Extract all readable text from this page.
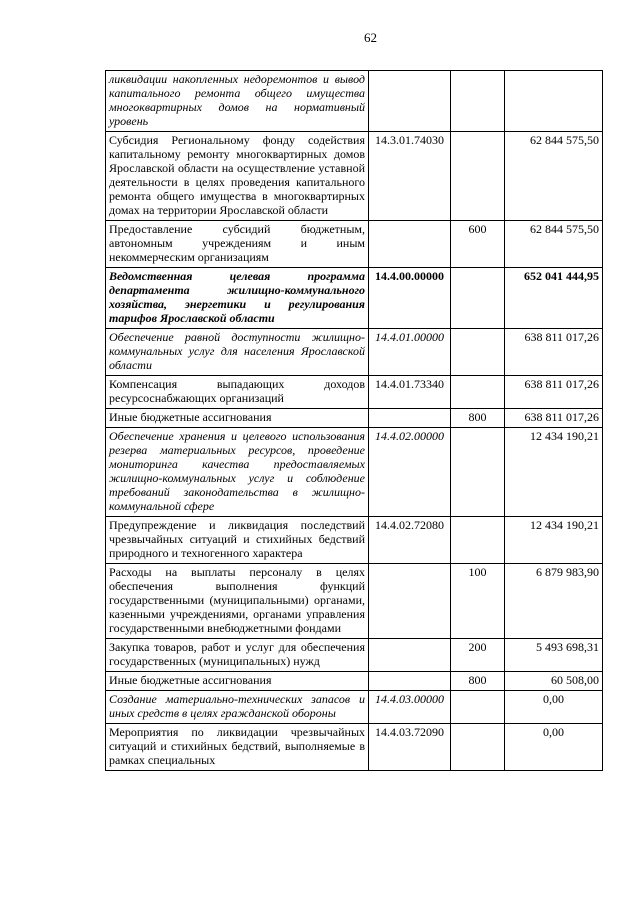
62
ликвидации накопленных недоремонтов и вывод капитального ремонта общего имущества многоквартирных домов на нормативный уровень			
Субсидия Региональному фонду содействия капитальному ремонту многоквартирных домов Ярославской области на осуществление уставной деятельности в целях проведения капитального ремонта общего имущества в многоквартирных домах на территории Ярославской области	14.3.01.74030		62 844 575,50
Предоставление субсидий бюджетным, автономным учреждениям и иным некоммерческим организациям		600	62 844 575,50
Ведомственная целевая программа департамента жилищно-коммунального хозяйства, энергетики и регулирования тарифов Ярославской области	14.4.00.00000		652 041 444,95
Обеспечение равной доступности жилищно-коммунальных услуг для населения Ярославской области	14.4.01.00000		638 811 017,26
Компенсация выпадающих доходов ресурсоснабжающих организаций	14.4.01.73340		638 811 017,26
Иные бюджетные ассигнования		800	638 811 017,26
Обеспечение хранения и целевого использования резерва материальных ресурсов, проведение мониторинга качества предоставляемых жилищно-коммунальных услуг и соблюдение требований законодательства в жилищно-коммунальной сфере	14.4.02.00000		12 434 190,21
Предупреждение и ликвидация последствий чрезвычайных ситуаций и стихийных бедствий природного и техногенного характера	14.4.02.72080		12 434 190,21
Расходы на выплаты персоналу в целях обеспечения выполнения функций государственными (муниципальными) органами, казенными учреждениями, органами управления государственными внебюджетными фондами		100	6 879 983,90
Закупка товаров, работ и услуг для обеспечения государственных (муниципальных) нужд		200	5 493 698,31
Иные бюджетные ассигнования		800	60 508,00
Создание материально-технических запасов и иных средств в целях гражданской обороны	14.4.03.00000		0,00
Мероприятия по ликвидации чрезвычайных ситуаций и стихийных бедствий, выполняемые в рамках специальных	14.4.03.72090		0,00
